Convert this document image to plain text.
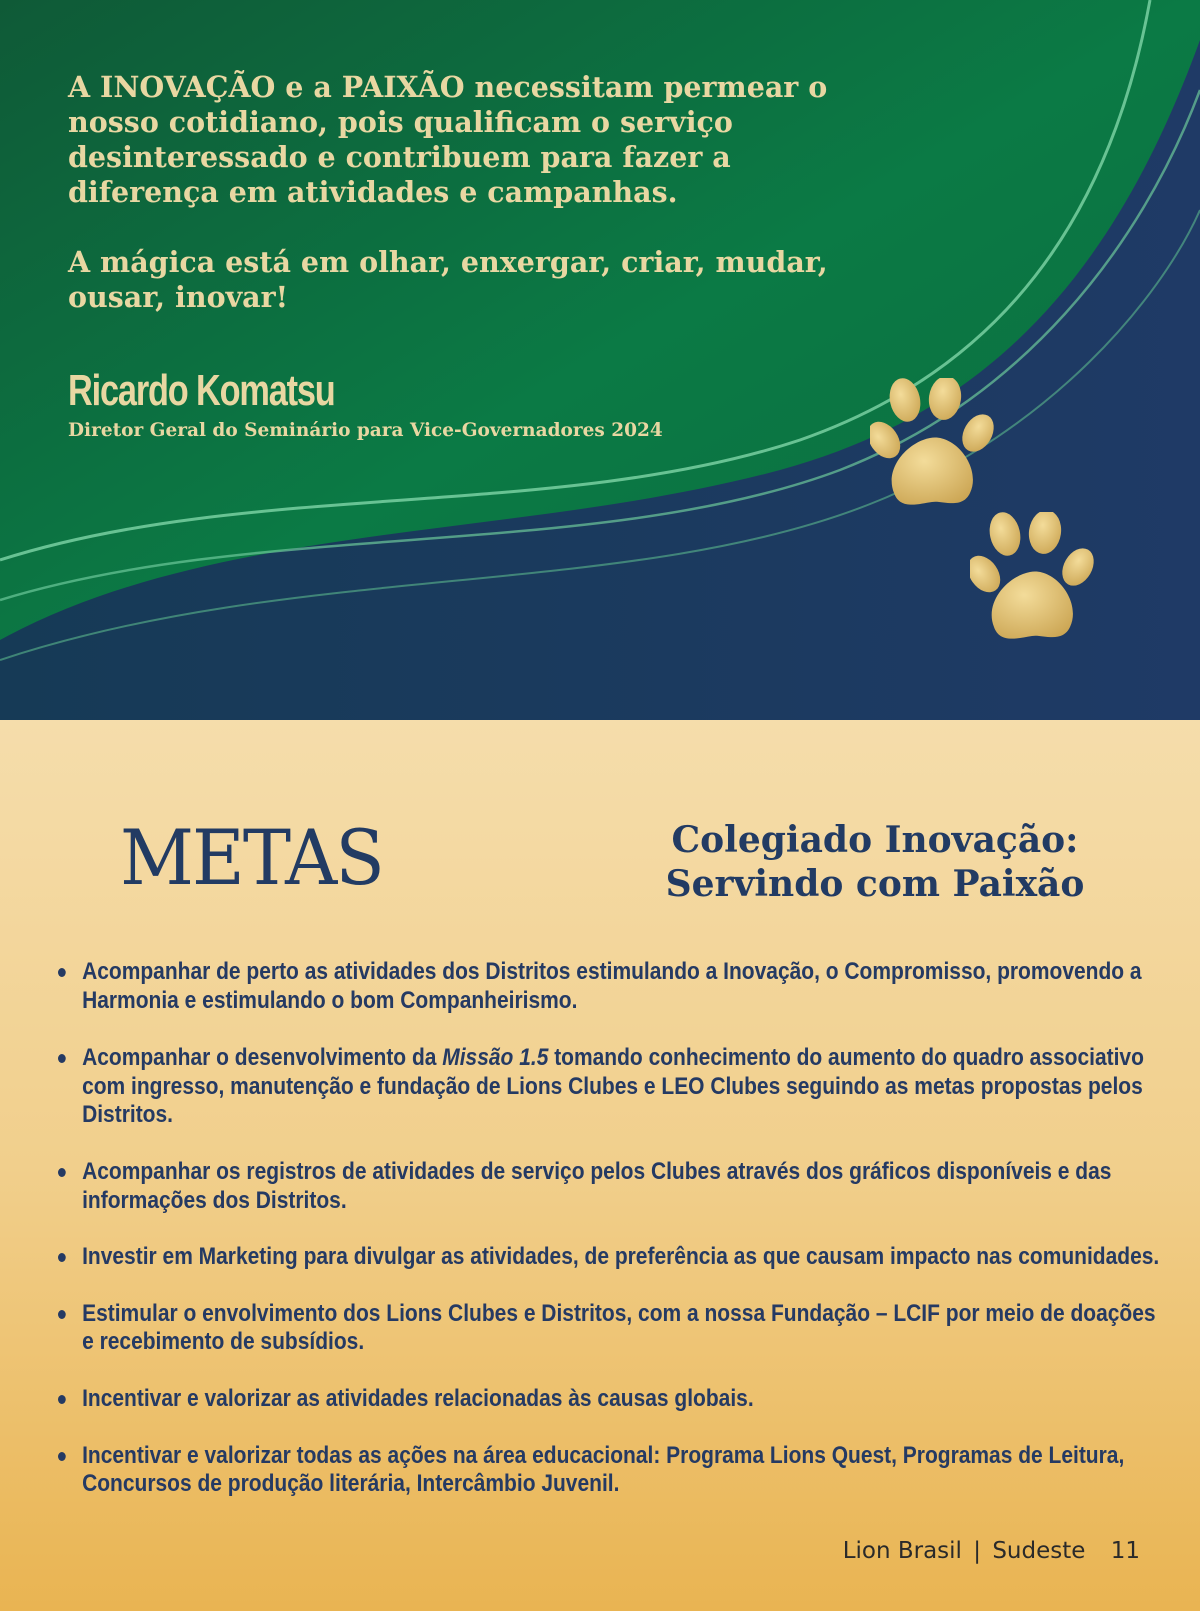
A INOVAÇÃO e a PAIXÃO necessitam permear o nosso cotidiano, pois qualificam o serviço desinteressado e contribuem para fazer a diferença em atividades e campanhas.

A mágica está em olhar, enxergar, criar, mudar, ousar, inovar!

Ricardo Komatsu
Diretor Geral do Seminário para Vice-Governadores 2024
METAS	Colegiado Inovação:
Servindo com Paixão
Acompanhar de perto as atividades dos Distritos estimulando a Inovação, o Compromisso, promovendo a Harmonia e estimulando o bom Companheirismo.
Acompanhar o desenvolvimento da Missão 1.5 tomando conhecimento do aumento do quadro associativo com ingresso, manutenção e fundação de Lions Clubes e LEO Clubes seguindo as metas propostas pelos Distritos.
Acompanhar os registros de atividades de serviço pelos Clubes através dos gráficos disponíveis e das informações dos Distritos.
Investir em Marketing para divulgar as atividades, de preferência as que causam impacto nas comunidades.
Estimular o envolvimento dos Lions Clubes e Distritos, com a nossa Fundação – LCIF por meio de doações e recebimento de subsídios.
Incentivar e valorizar as atividades relacionadas às causas globais.
Incentivar e valorizar todas as ações na área educacional: Programa Lions Quest, Programas de Leitura, Concursos de produção literária, Intercâmbio Juvenil.
Lion Brasil | Sudeste 11
